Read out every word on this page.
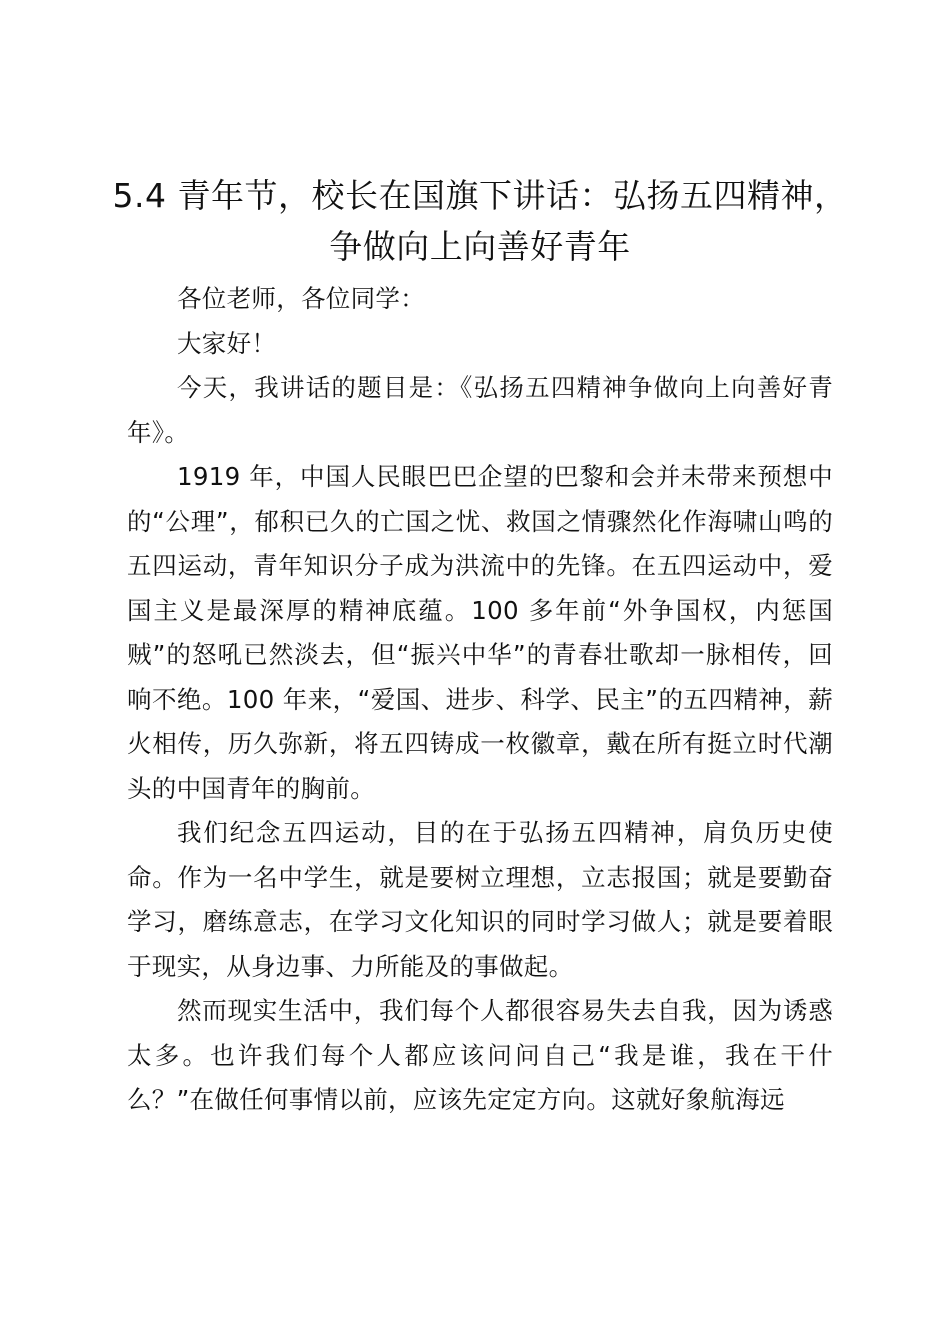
5.4 青年节，校长在国旗下讲话：弘扬五四精神，争做向上向善好青年

各位老师，各位同学：

大家好！

今天，我讲话的题目是：《弘扬五四精神争做向上向善好青年》。

1919 年，中国人民眼巴巴企望的巴黎和会并未带来预想中的“公理”，郁积已久的亡国之忧、救国之情骤然化作海啸山鸣的五四运动，青年知识分子成为洪流中的先锋。在五四运动中，爱国主义是最深厚的精神底蕴。100 多年前“外争国权，内惩国贼”的怒吼已然淡去，但“振兴中华”的青春壮歌却一脉相传，回响不绝。100 年来，“爱国、进步、科学、民主”的五四精神，薪火相传，历久弥新，将五四铸成一枚徽章，戴在所有挺立时代潮头的中国青年的胸前。

我们纪念五四运动，目的在于弘扬五四精神，肩负历史使命。作为一名中学生，就是要树立理想，立志报国；就是要勤奋学习，磨练意志，在学习文化知识的同时学习做人；就是要着眼于现实，从身边事、力所能及的事做起。

然而现实生活中，我们每个人都很容易失去自我，因为诱惑太多。也许我们每个人都应该问问自己“我是谁，我在干什么？”在做任何事情以前，应该先定定方向。这就好象航海远
